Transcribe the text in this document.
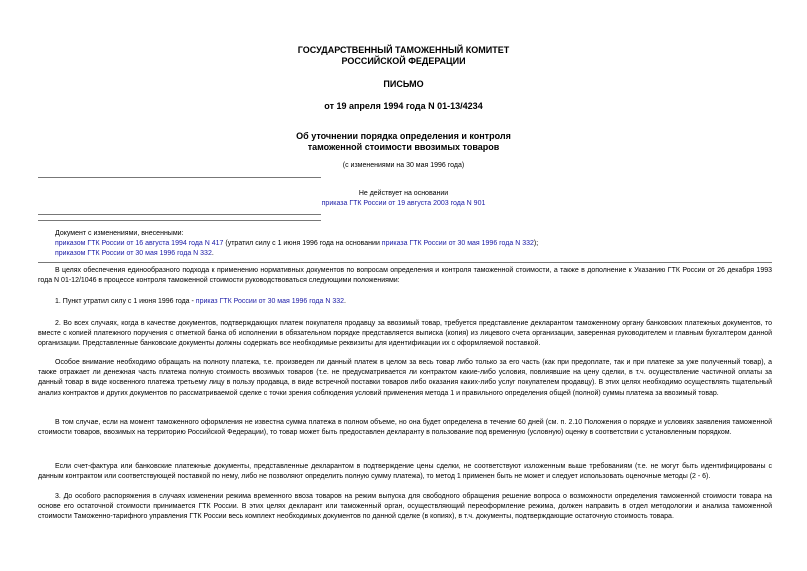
ГОСУДАРСТВЕННЫЙ ТАМОЖЕННЫЙ КОМИТЕТ
РОССИЙСКОЙ ФЕДЕРАЦИИ
ПИСЬМО
от 19 апреля 1994 года N 01-13/4234
Об уточнении порядка определения и контроля
таможенной стоимости ввозимых товаров
(с изменениями на 30 мая 1996 года)
Не действует на основании
приказа ГТК России от 19 августа 2003 года N 901
Документ с изменениями, внесенными:
приказом ГТК России от 16 августа 1994 года N 417 (утратил силу с 1 июня 1996 года на основании приказа ГТК России от 30 мая 1996 года N 332);
приказом ГТК России от 30 мая 1996 года N 332.
В целях обеспечения единообразного подхода к применению нормативных документов по вопросам определения и контроля таможенной стоимости, а также в дополнение к Указанию ГТК России от 26 декабря 1993 года N 01-12/1046 в процессе контроля таможенной стоимости руководствоваться следующими положениями:
1. Пункт утратил силу с 1 июня 1996 года - приказ ГТК России от 30 мая 1996 года N 332.
2. Во всех случаях, когда в качестве документов, подтверждающих платеж покупателя продавцу за ввозимый товар, требуется представление декларантом таможенному органу банковских платежных документов, то вместе с копией платежного поручения с отметкой банка об исполнении в обязательном порядке представляется выписка (копия) из лицевого счета организации, заверенная руководителем и главным бухгалтером данной организации. Представленные банковские документы должны содержать все необходимые реквизиты для идентификации их с оформляемой поставкой.
Особое внимание необходимо обращать на полноту платежа, т.е. произведен ли данный платеж в целом за весь товар либо только за его часть (как при предоплате, так и при платеже за уже полученный товар), а также отражает ли денежная часть платежа полную стоимость ввозимых товаров (т.е. не предусматривается ли контрактом какие-либо условия, повлиявшие на цену сделки, в т.ч. осуществление частичной оплаты за данный товар в виде косвенного платежа третьему лицу в пользу продавца, в виде встречной поставки товаров либо оказания каких-либо услуг покупателем продавцу). В этих целях необходимо осуществлять тщательный анализ контрактов и других документов по рассматриваемой сделке с точки зрения соблюдения условий применения метода 1 и правильного определения общей (полной) суммы платежа за ввозимый товар.
В том случае, если на момент таможенного оформления не известна сумма платежа в полном объеме, но она будет определена в течение 60 дней (см. п. 2.10 Положения о порядке и условиях заявления таможенной стоимости товаров, ввозимых на территорию Российской Федерации), то товар может быть предоставлен декларанту в пользование под временную (условную) оценку в соответствии с установленным порядком.
Если счет-фактура или банковские платежные документы, представленные декларантом в подтверждение цены сделки, не соответствуют изложенным выше требованиям (т.е. не могут быть идентифицированы с данным контрактом или соответствующей поставкой по нему, либо не позволяют определить полную сумму платежа), то метод 1 применен быть не может и следует использовать оценочные методы (2 - 6).
3. До особого распоряжения в случаях изменении режима временного ввоза товаров на режим выпуска для свободного обращения решение вопроса о возможности определения таможенной стоимости товара на основе его остаточной стоимости принимается ГТК России. В этих целях декларант или таможенный орган, осуществляющий переоформление режима, должен направить в отдел методологии и анализа таможенной стоимости Таможенно-тарифного управления ГТК России весь комплект необходимых документов по данной сделке (в копиях), в т.ч. документы, подтверждающие остаточную стоимость товара.
